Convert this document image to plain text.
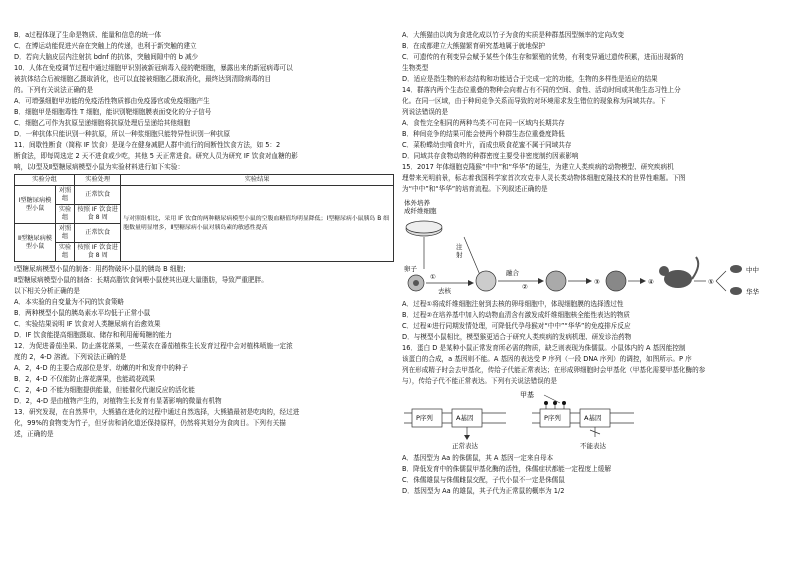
B．a过程体现了生命是物质、能量和信息的统一体
C．在博运动能促进兴奋在突触上的传递，也利于新突触的建立
D．若向大脑皮层内注射抗 bdnf 的抗体，突触间隙中的 b 减少
10．人体在免疫调节过程中通过细胞甲识别被新冠病毒入侵的靶细胞，暴露出来的新冠病毒可以
被抗体结合后被细胞乙摄取消化，也可以直接被细胞乙摄取消化，最终达到清除病毒的目
的。下列有关说法正确的是
A．可增强细胞甲功能的免疫活性物质都由免疫器官或免疫细胞产生
B．细胞甲是细胞毒性 T 细胞，能识别靶细胞膜表面变化的分子信号
C．细胞乙可作为抗原呈递细胞将抗原处理后呈递给其他细胞
D．一种抗体只能识别一种抗原，所以一种浆细胞只能特异性识别一种抗原
11．间歇性断食（简称 IF 饮食）是现今在健身减肥人群中流行的间断性饮食方法，如 5：2
断食法，即每周选定 2 天不进食或少吃，其他 5 天正常进食。研究人员为研究 IF 饮食对血糖的影
响，以Ⅰ型及Ⅱ型糖尿病模型小鼠为实验材料进行如下实验：
实验分组		实验处理	实验结果
Ⅰ型糖尿病模型小鼠	对照组	正常饮食	与对照组相比，采用 IF 饮食的两种糖尿病模型小鼠的空腹血糖值均明显降低；Ⅰ型糖尿病小鼠胰岛 B 细胞数量明显增多，Ⅱ型糖尿病小鼠对胰岛素的敏感性提高
	实验组	按照 IF 饮食进食 8 周	
Ⅱ型糖尿病模型小鼠	对照组	正常饮食	
	实验组	按照 IF 饮食进食 8 周	
Ⅰ型糖尿病模型小鼠的制备：用药物破坏小鼠的胰岛 B 细胞；
Ⅱ型糖尿病模型小鼠的制备：长期高脂饮食饲喂小鼠使其出现大量脂肪，导致严重肥胖。
以下相关分析正确的是
A．本实验的自变量为不同的饮食策略
B．两种模型小鼠的胰岛素水平均低于正常小鼠
C．实验结果说明 IF 饮食对人类糖尿病有治愈效果
D．IF 饮食能提高细胞摄取、储存和利用葡萄糖的能力
12．为促进番茄坐果、防止落花落果，一些菜农在番茄植株生长发育过程中会对植株喷施一定浓
度的 2，4-D 溶液。下列说法正确的是
A．2，4-D 的主要合成部位是芽、幼嫩的叶和发育中的种子
B．2，4-D 不仅能防止落花落果，也能疏花疏果
C．2，4-D 不能为细胞提供能量，但能催化代谢反应的活化能
D．2，4-D 是由植物产生的，对植物生长发育有显著影响的微量有机物
13．研究发现，在自然界中，大熊猫在进化的过程中通过自然选择，大熊猫最初是吃肉的，经过进
化，99%的食物变为竹子，但牙齿和消化道还保持原样，仍然将其划分为食肉目。下列有关描
述，正确的是
A．大熊猫由以肉为食进化成以竹子为食的实质是种群基因型频率的定向改变
B．在成都建立大熊猫繁育研究基地属于就地保护
C．可遗传的有利变异会赋予某些个体生存和繁殖的优势，有利变异通过遗传积累，进而出现新的
生物类型
D．适应是指生物的形态结构和功能适合于完成一定的功能，生物的多样性是适应的结果
14．群落内两个生态位重叠的物种会向着占有不同的空间、食性、活动时间或其他生态习性上分
化。在同一区域，由于种间竞争关系而导致的对环境需求发生错位的现象称为同域共存。下
列说法错误的是
A．食性完全相同的两种鸟类不可在同一区域内长期共存
B．种间竞争的结果可能会使两个种群生态位重叠度降低
C．菜粉蝶幼虫啃食叶片，而成虫吸食花蜜不属于同域共存
D．同域共存食物动物的种群密度主要受非密度制约因素影响
15．2017 年体细胞克隆猴“中中”和“华华”的诞生，为建立人类疾病的动物模型、研究疾病机
理带来光明前景，标志着我国科学家首次攻克非人灵长类动物体细胞克隆技术的世界性难题。下图
为“中中”和“华华”的培育流程。下列叙述正确的是
体外培养
成纤维细胞
卵子
去核
①
注
射
融合
②
③	④	⑤
中中
华华
A．过程①将成纤维细胞注射到去核的卵母细胞中，体现细胞膜的选择透过性
B．过程②在培养基中加入的动物血清含有激发成纤维细胞核全能性表达的物质
C．过程④进行同期发情处理，可降低代孕母猴对“中中”“华华”的免疫排斥反应
D．与模型小鼠相比，模型猴更适合于研究人类疾病的发病机理、研发诊治药物
16．蛋白 D 是某种小鼠正常发育所必需的物质，缺乏则表现为侏儒鼠。小鼠体内的 A 基因能控制
该蛋白的合成，a 基因则不能。A 基因的表达受 P 序列（一段 DNA 序列）的调控，如图所示。P 序
列在形成精子时会去甲基化，传给子代能正常表达；在形成卵细胞时会甲基化（甲基化需要甲基化酶的参
与），传给子代不能正常表达。下列有关说法错误的是
甲基
P序列	A基因
正常表达
P序列	A基因
不能表达
A．基因型为 Aa 的侏儒鼠，其 A 基因一定来自母本
B．降低发育中的侏儒鼠甲基化酶的活性，侏儒症状都能一定程度上缓解
C．侏儒雄鼠与侏儒雌鼠交配，子代小鼠不一定是侏儒鼠
D．基因型为 Aa 的雄鼠，其子代为正常鼠的概率为 1/2
